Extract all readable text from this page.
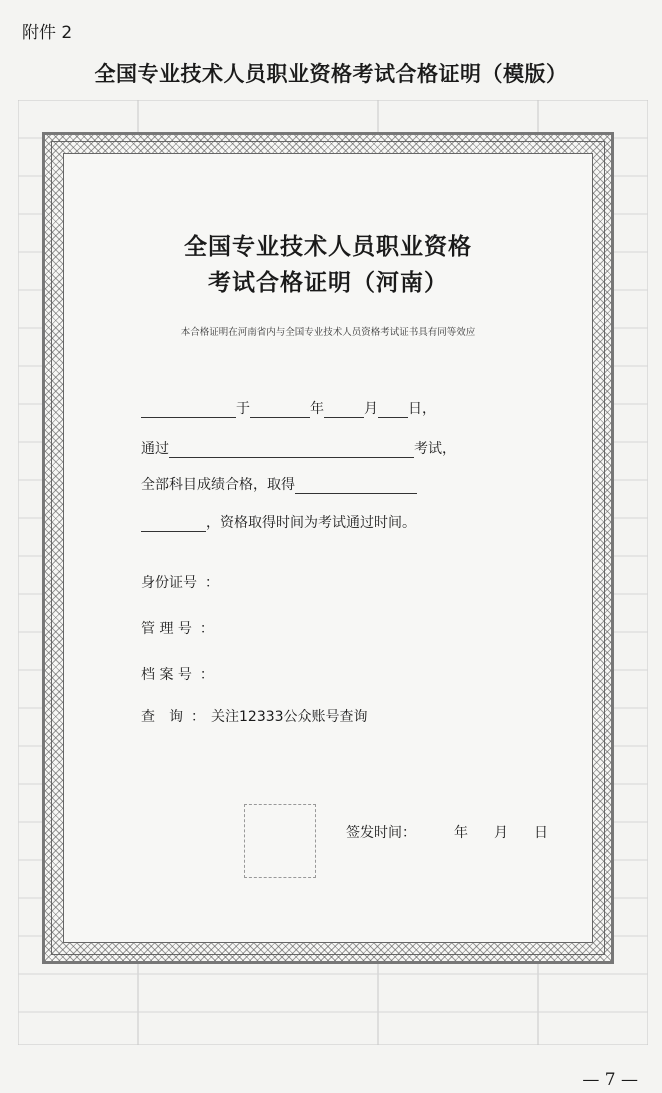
附件 2
全国专业技术人员职业资格考试合格证明（模版）
全国专业技术人员职业资格
考试合格证明（河南）
本合格证明在河南省内与全国专业技术人员资格考试证书具有同等效应
于	年	月 日，
通过	考试，
全部科目成绩合格，取得
，资格取得时间为考试通过时间。
身份证号 ：
管 理 号 ：
档 案 号 ：
查　询 ： 关注12333公众账号查询
签发时间：	年 月 日
— 7 —
